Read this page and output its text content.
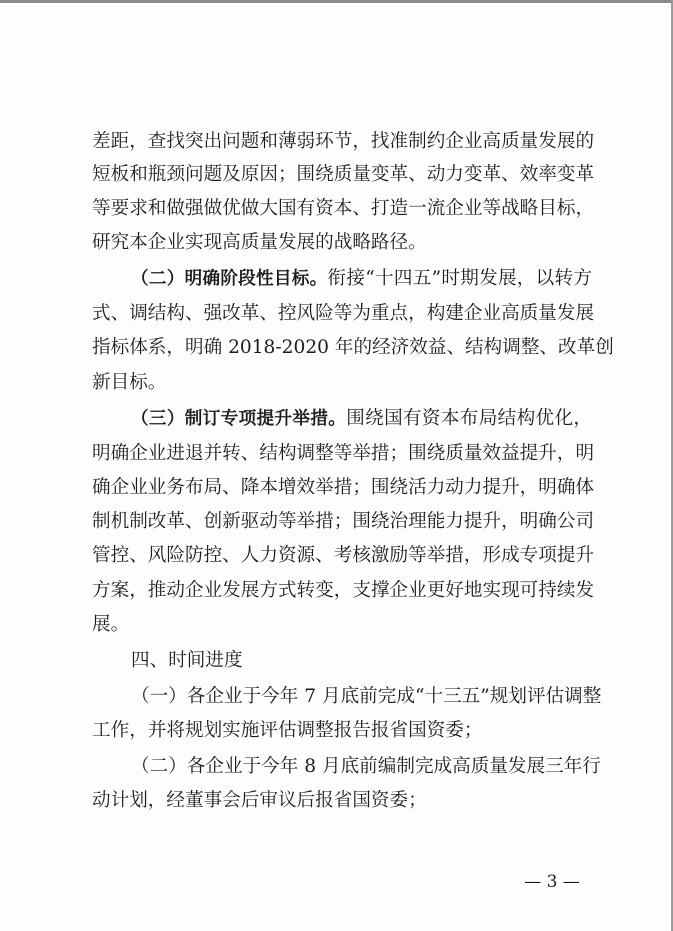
差距，查找突出问题和薄弱环节，找准制约企业高质量发展的
短板和瓶颈问题及原因；围绕质量变革、动力变革、效率变革
等要求和做强做优做大国有资本、打造一流企业等战略目标，
研究本企业实现高质量发展的战略路径。
（二）明确阶段性目标。衔接“十四五”时期发展，以转方
式、调结构、强改革、控风险等为重点，构建企业高质量发展
指标体系，明确 2018-2020 年的经济效益、结构调整、改革创
新目标。
（三）制订专项提升举措。围绕国有资本布局结构优化，
明确企业进退并转、结构调整等举措；围绕质量效益提升，明
确企业业务布局、降本增效举措；围绕活力动力提升，明确体
制机制改革、创新驱动等举措；围绕治理能力提升，明确公司
管控、风险防控、人力资源、考核激励等举措，形成专项提升
方案，推动企业发展方式转变，支撑企业更好地实现可持续发
展。
四、时间进度
（一）各企业于今年 7 月底前完成“十三五”规划评估调整
工作，并将规划实施评估调整报告报省国资委；
（二）各企业于今年 8 月底前编制完成高质量发展三年行
动计划，经董事会后审议后报省国资委；
— 3 —
